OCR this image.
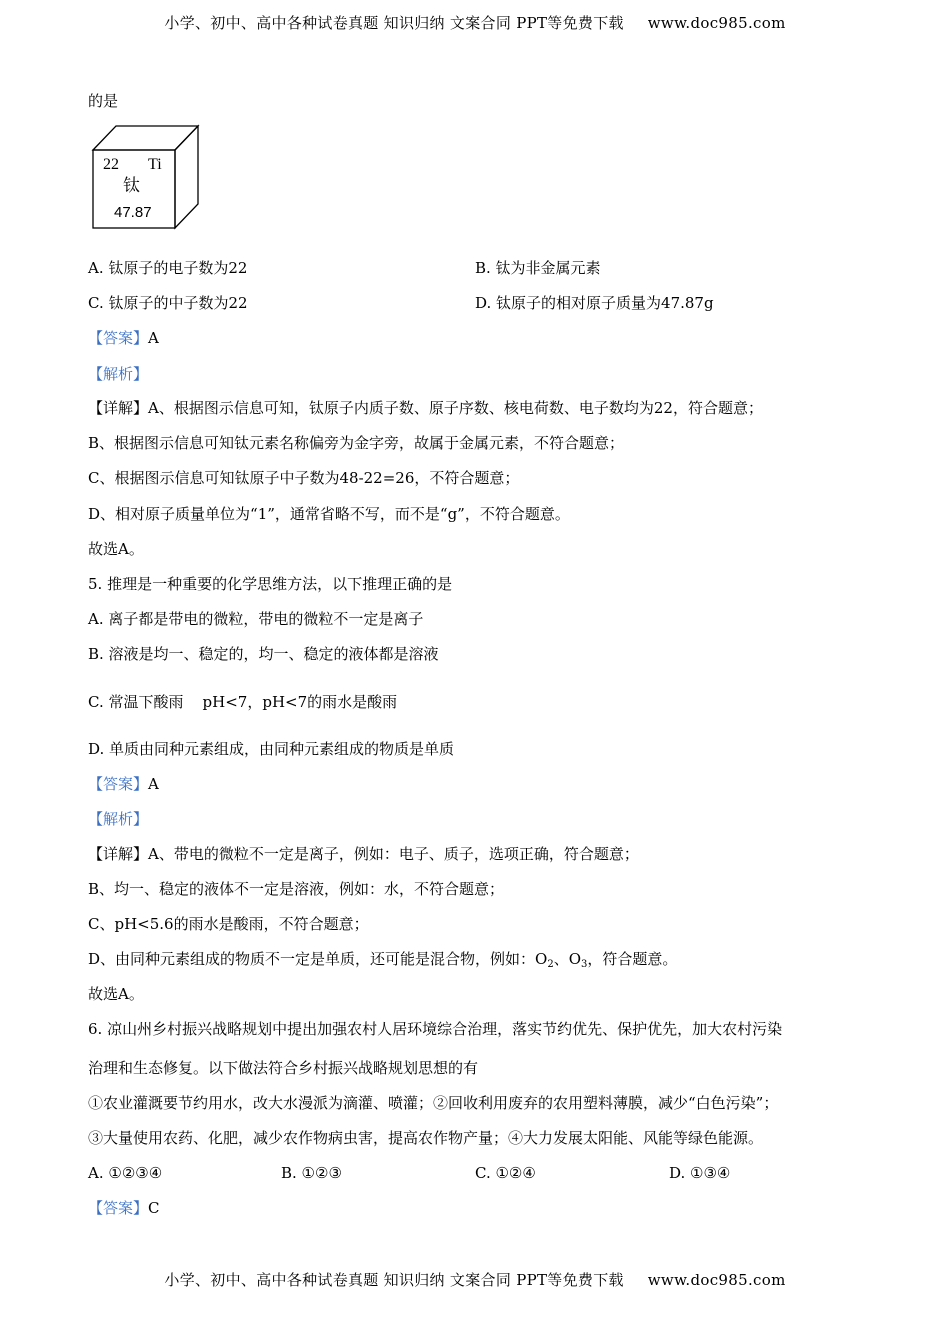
小学、初中、高中各种试卷真题 知识归纳 文案合同 PPT等免费下载 www.doc985.com
的是
22 Ti
钛
47.87
A. 钛原子的电子数为22	B. 钛为非金属元素
C. 钛原子的中子数为22	D. 钛原子的相对原子质量为47.87g
【答案】A
【解析】
【详解】A、根据图示信息可知，钛原子内质子数、原子序数、核电荷数、电子数均为22，符合题意；
B、根据图示信息可知钛元素名称偏旁为金字旁，故属于金属元素，不符合题意；
C、根据图示信息可知钛原子中子数为48-22=26，不符合题意；
D、相对原子质量单位为“1”，通常省略不写，而不是“g”，不符合题意。
故选A。
5. 推理是一种重要的化学思维方法，以下推理正确的是
A. 离子都是带电的微粒，带电的微粒不一定是离子
B. 溶液是均一、稳定的，均一、稳定的液体都是溶液
C. 常温下酸雨    pH<7，pH<7的雨水是酸雨
D. 单质由同种元素组成，由同种元素组成的物质是单质
【答案】A
【解析】
【详解】A、带电的微粒不一定是离子，例如：电子、质子，选项正确，符合题意；
B、均一、稳定的液体不一定是溶液，例如：水，不符合题意；
C、pH<5.6的雨水是酸雨，不符合题意；
D、由同种元素组成的物质不一定是单质，还可能是混合物，例如：$O_2$、$O_3$，符合题意。
故选A。
6. 凉山州乡村振兴战略规划中提出加强农村人居环境综合治理，落实节约优先、保护优先，加大农村污染
治理和生态修复。以下做法符合乡村振兴战略规划思想的有
①农业灌溉要节约用水，改大水漫派为滴灌、喷灌；②回收利用废弃的农用塑料薄膜，减少“白色污染”；
③大量使用农药、化肥，减少农作物病虫害，提高农作物产量；④大力发展太阳能、风能等绿色能源。
A. ①②③④	B. ①②③	C. ①②④	D. ①③④
【答案】C
小学、初中、高中各种试卷真题 知识归纳 文案合同 PPT等免费下载 www.doc985.com
